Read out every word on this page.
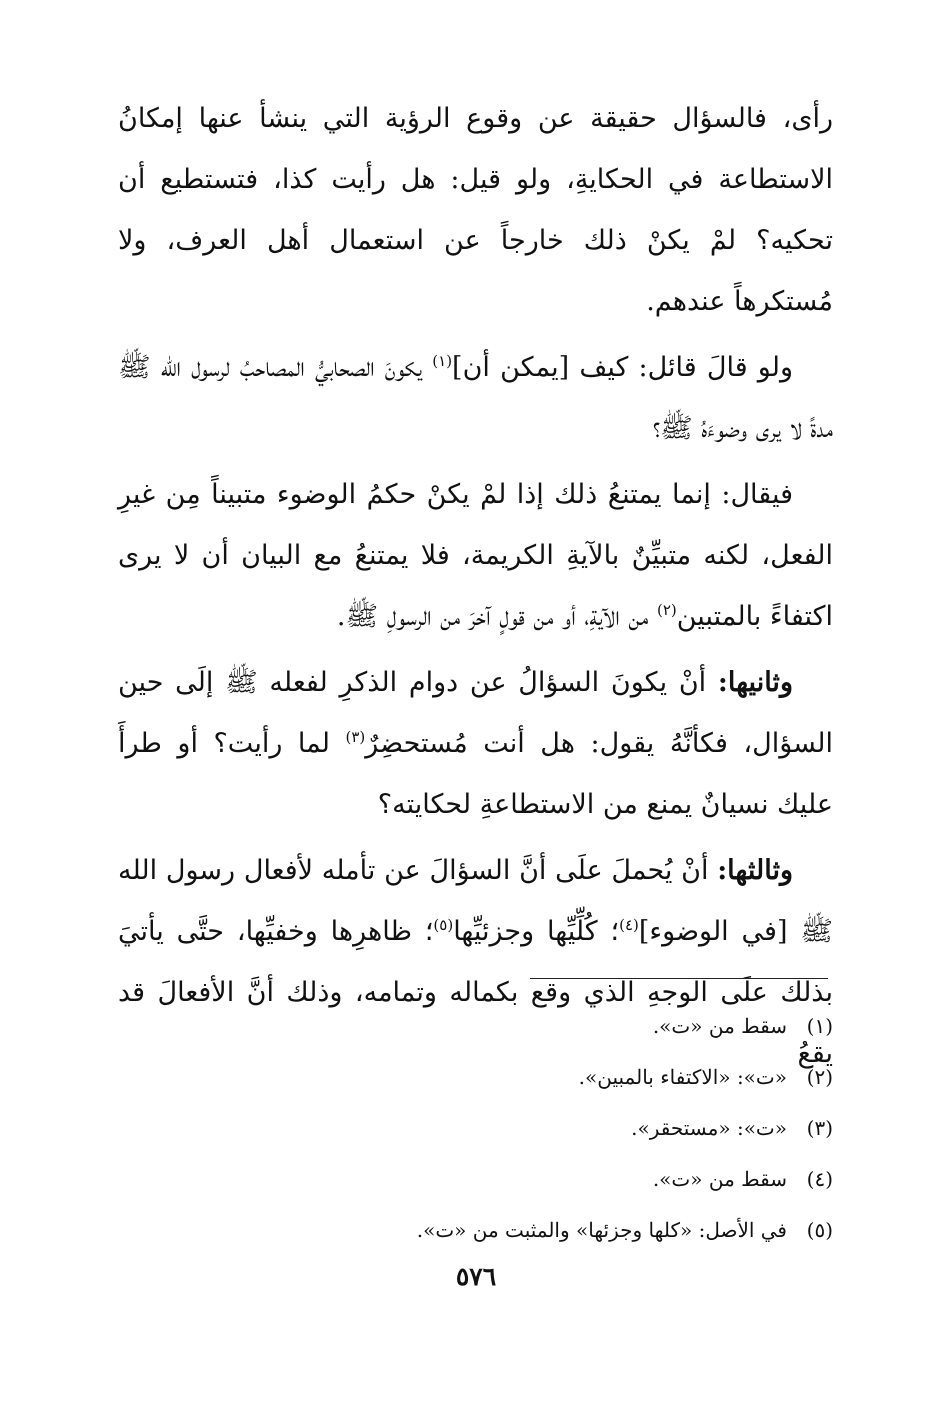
رأى، فالسؤال حقيقة عن وقوع الرؤية التي ينشأ عنها إمكانُ الاستطاعة في الحكايةِ، ولو قيل: هل رأيت كذا، فتستطيع أن تحكيه؟ لمْ يكنْ ذلك خارجاً عن استعمال أهل العرف، ولا مُستكرهاً عندهم.

ولو قالَ قائل: كيف [يمكن أن]$^{(١)}$ يكونَ الصحابيُّ المصاحبُ لرسول الله ﷺ مدةً لا يرى وضوءَهُ ﷺ؟

فيقال: إنما يمتنعُ ذلك إذا لمْ يكنْ حكمُ الوضوء متبيناً مِن غيرِ الفعل، لكنه متبيِّنٌ بالآيةِ الكريمة، فلا يمتنعُ مع البيان أن لا يرى اكتفاءً بالمتبين$^{(٢)}$ من الآيةِ، أو من قولٍ آخرَ من الرسولِ ﷺ.

وثانيها: أنْ يكونَ السؤالُ عن دوام الذكرِ لفعله ﷺ إلَى حين السؤال، فكأنَّهُ يقول: هل أنت مُستحضِرٌ$^{(٣)}$ لما رأيت؟ أو طرأَ عليك نسيانٌ يمنع من الاستطاعةِ لحكايته؟

وثالثها: أنْ يُحملَ علَى أنَّ السؤالَ عن تأمله لأفعال رسول الله ﷺ [في الوضوء]$^{(٤)}$؛ كُلِّيِّها وجزئيِّها$^{(٥)}$؛ ظاهرِها وخفيِّها، حتَّى يأتيَ بذلك علَى الوجهِ الذي وقع بكماله وتمامه، وذلك أنَّ الأفعالَ قد يقعُ

(١)
سقط من «ت».
(٢)
«ت»: «الاكتفاء بالمبين».
(٣)
«ت»: «مستحقر».
(٤)
سقط من «ت».
(٥)
في الأصل: «كلها وجزئها» والمثبت من «ت».
٥٧٦
